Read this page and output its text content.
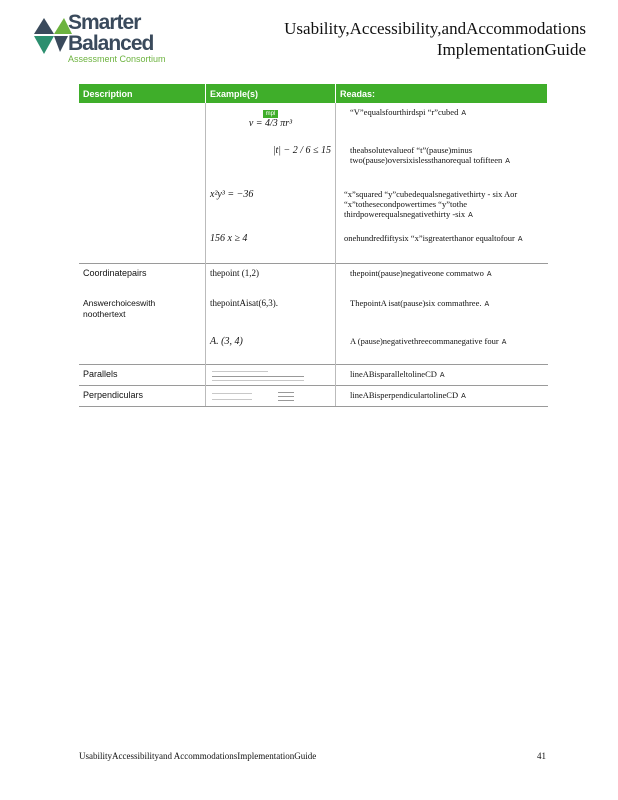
Smarter
Balanced
Assessment Consortium
Usability,Accessibility,andAccommodations
ImplementationGuide
Description	Example(s)	Readas:
	mpl
v = 4/3 πr³	“V”equalsfourthirdspi “r”cubed A

	|t| − 2 / 6 ≤ 15	theabsolutevalueof “t”(pause)minus two(pause)oversixislessthanorequal tofifteen A

	x²y³ = −36	“x”squared “y”cubedequalsnegativethirty - six Aor “x”tothesecondpowertimes “y”tothe thirdpowerequalsnegativethirty -six A

	156 x ≥ 4	onehundredfiftysix “x”isgreaterthanor equaltofour A
Coordinatepairs	thepoint (1,2)	thepoint(pause)negativeone commatwo A

Answerchoiceswith noothertext	thepointAisat(6,3).	ThepointA isat(pause)six commathree. A

	A. (3, 4)	A (pause)negativethreecommanegative four A
Parallels		lineABisparalleltolineCD A
Perpendiculars		lineABisperpendiculartolineCD A
UsabilityAccessibilityand AccommodationsImplementationGuide	41
